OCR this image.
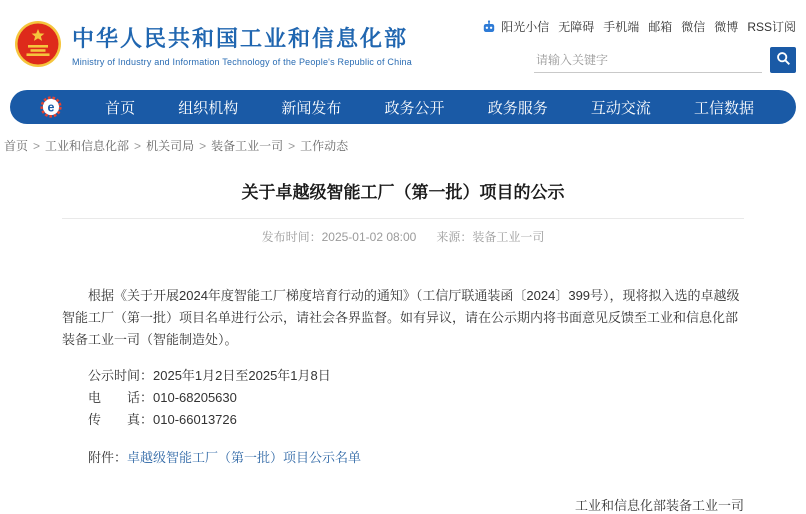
中华人民共和国工业和信息化部
Ministry of Industry and Information Technology of the People's Republic of China
阳光小信 无障碍 手机端 邮箱 微信 微博 RSS订阅
请输入关键字
e	首页	组织机构	新闻发布	政务公开	政务服务	互动交流	工信数据
首页 > 工业和信息化部 > 机关司局 > 装备工业一司 > 工作动态
关于卓越级智能工厂（第一批）项目的公示
发布时间：2025-01-02 08:00 来源：装备工业一司

根据《关于开展2024年度智能工厂梯度培育行动的通知》（工信厅联通装函〔2024〕399号），现将拟入选的卓越级智能工厂（第一批）项目名单进行公示，请社会各界监督。如有异议，请在公示期内将书面意见反馈至工业和信息化部装备工业一司（智能制造处）。

公示时间：2025年1月2日至2025年1月8日
电　　话：010-68205630
传　　真：010-66013726
附件：卓越级智能工厂（第一批）项目公示名单
工业和信息化部装备工业一司
